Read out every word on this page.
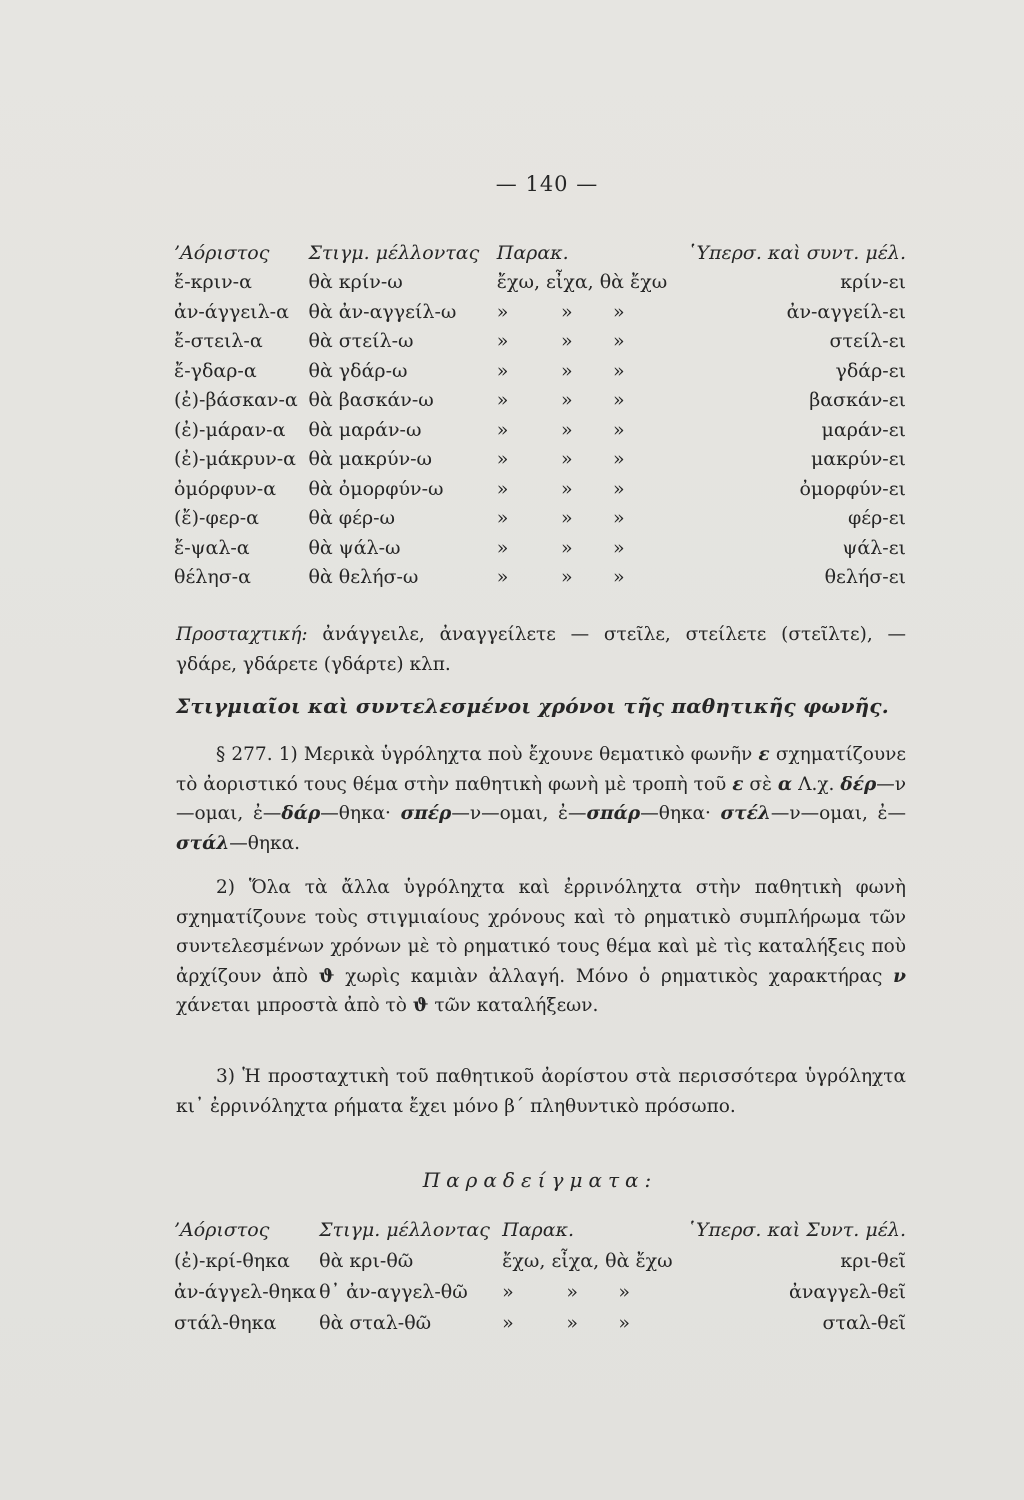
— 140 —
’Αόριστος	Στιγμ. μέλλοντας	Παρακ.	῾Υπερσ. καὶ συντ. μέλ.
ἔ-κριν-α	θὰ κρίν-ω	ἔχω, εἶχα, θὰ ἔχω	κρίν-ει
ἀν-άγγειλ-α	θὰ ἀν-αγγείλ-ω	» » »	ἀν-αγγείλ-ει
ἔ-στειλ-α	θὰ στείλ-ω	» » »	στείλ-ει
ἔ-γδαρ-α	θὰ γδάρ-ω	» » »	γδάρ-ει
(ἐ)-βάσκαν-α	θὰ βασκάν-ω	» » »	βασκάν-ει
(ἐ)-μάραν-α	θὰ μαράν-ω	» » »	μαράν-ει
(ἐ)-μάκρυν-α	θὰ μακρύν-ω	» » »	μακρύν-ει
ὀμόρφυν-α	θὰ ὀμορφύν-ω	» » »	ὀμορφύν-ει
(ἔ)-φερ-α	θὰ φέρ-ω	» » »	φέρ-ει
ἔ-ψαλ-α	θὰ ψάλ-ω	» » »	ψάλ-ει
θέλησ-α	θὰ θελήσ-ω	» » »	θελήσ-ει
Προσταχτική: ἀνάγγειλε, ἀναγγείλετε — στεῖλε, στείλετε (στεῖλτε), — γδάρε, γδάρετε (γδάρτε) κλπ.
Στιγμιαῖοι καὶ συντελεσμένοι χρόνοι τῆς παθητικῆς φωνῆς.
§ 277. 1) Μερικὰ ὑγρόληχτα ποὺ ἔχουνε θεματικὸ φωνῆν ε σχηματίζουνε τὸ ἀοριστικό τους θέμα στὴν παθητικὴ φωνὴ μὲ τροπὴ τοῦ ε σὲ α Λ.χ. δέρ—ν—ομαι, ἐ—δάρ—θηκα· σπέρ—ν—ομαι, ἐ—σπάρ—θηκα· στέλ—ν—ομαι, ἐ—στάλ—θηκα.
2) Ὅλα τὰ ἄλλα ὑγρόληχτα καὶ ἐρρινόληχτα στὴν παθητικὴ φωνὴ σχηματίζουνε τοὺς στιγμιαίους χρόνους καὶ τὸ ρηματικὸ συμπλήρωμα τῶν συντελεσμένων χρόνων μὲ τὸ ρηματικό τους θέμα καὶ μὲ τὶς καταλήξεις ποὺ ἀρχίζουν ἀπὸ ϑ χωρὶς καμιὰν ἀλλαγή. Μόνο ὁ ρηματικὸς χαρακτήρας ν χάνεται μπροστὰ ἀπὸ τὸ ϑ τῶν καταλήξεων.
3) Ἡ προσταχτικὴ τοῦ παθητικοῦ ἀορίστου στὰ περισσότερα ὑγρόληχτα κι᾿ ἐρρινόληχτα ρήματα ἔχει μόνο β΄ πληθυντικὸ πρόσωπο.
Παραδείγματα:
’Αόριστος	Στιγμ. μέλλοντας	Παρακ.	῾Υπερσ. καὶ Συντ. μέλ.
(ἐ)-κρί-θηκα	θὰ κρι-θῶ	ἔχω, εἶχα, θὰ ἔχω	κρι-θεῖ
ἀν-άγγελ-θηκα	θ᾿ ἀν-αγγελ-θῶ	» » »	ἀναγγελ-θεῖ
στάλ-θηκα	θὰ σταλ-θῶ	» » »	σταλ-θεῖ
